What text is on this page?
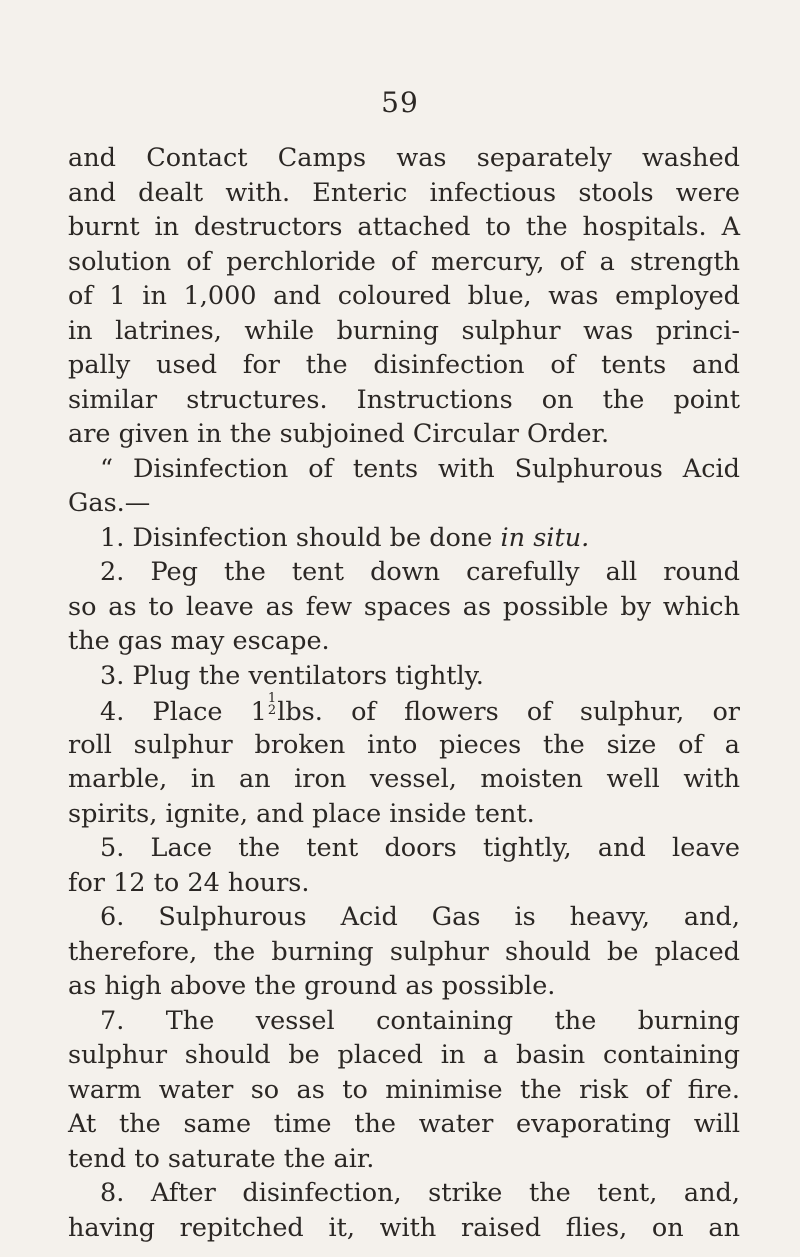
59
and Contact Camps was separately washed
and dealt with. Enteric infectious stools were
burnt in destructors attached to the hospitals. A
solution of perchloride of mercury, of a strength
of 1 in 1,000 and coloured blue, was employed
in latrines, while burning sulphur was princi-
pally used for the disinfection of tents and
similar structures. Instructions on the point
are given in the subjoined Circular Order.
“ Disinfection of tents with Sulphurous Acid
Gas.—
1. Disinfection should be done in situ.
2. Peg the tent down carefully all round
so as to leave as few spaces as possible by which
the gas may escape.
3. Plug the ventilators tightly.
4. Place 1 1
2 lbs. of flowers of sulphur, or
roll sulphur broken into pieces the size of a
marble, in an iron vessel, moisten well with
spirits, ignite, and place inside tent.
5. Lace the tent doors tightly, and leave
for 12 to 24 hours.
6. Sulphurous Acid Gas is heavy, and,
therefore, the burning sulphur should be placed
as high above the ground as possible.
7. The vessel containing the burning
sulphur should be placed in a basin containing
warm water so as to minimise the risk of fire.
At the same time the water evaporating will
tend to saturate the air.
8. After disinfection, strike the tent, and,
having repitched it, with raised flies, on an
